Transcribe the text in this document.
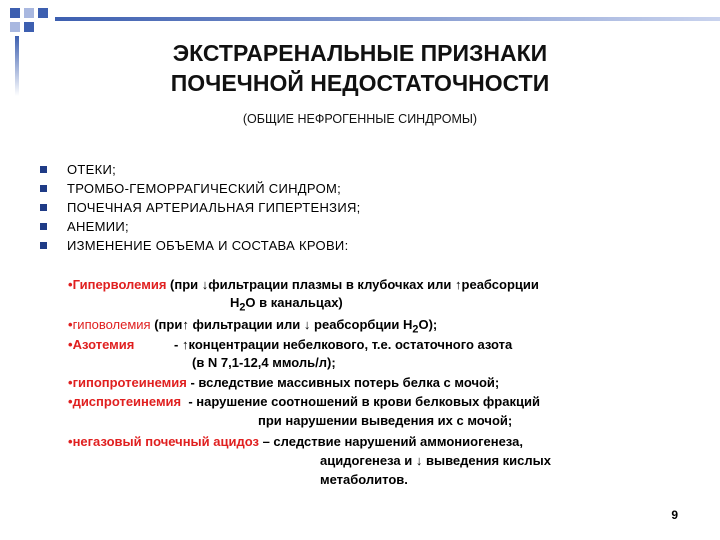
ЭКСТРАРЕНАЛЬНЫЕ ПРИЗНАКИ
ПОЧЕЧНОЙ НЕДОСТАТОЧНОСТИ
(ОБЩИЕ НЕФРОГЕННЫЕ СИНДРОМЫ)
ОТЕКИ;
ТРОМБО-ГЕМОРРАГИЧЕСКИЙ СИНДРОМ;
ПОЧЕЧНАЯ АРТЕРИАЛЬНАЯ ГИПЕРТЕНЗИЯ;
АНЕМИИ;
ИЗМЕНЕНИЕ ОБЪЕМА И СОСТАВА КРОВИ:
•Гиперволемия (при ↓фильтрации плазмы в клубочках или ↑реабсорции
$H_2O$ в канальцах)
•гиповолемия (при↑ фильтрации или ↓ реабсорбции $H_2O$);
•Азотемия           - ↑концентрации небелкового, т.е. остаточного азота
(в N 7,1-12,4 ммоль/л);
•гипопротеинемия - вследствие массивных потерь белка с мочой;
•диспротеинемия  - нарушение соотношений в крови белковых фракций
при нарушении выведения их с мочой;
•негазовый почечный ацидоз – следствие нарушений аммониогенеза,
ацидогенеза и ↓ выведения кислых
метаболитов.
9
